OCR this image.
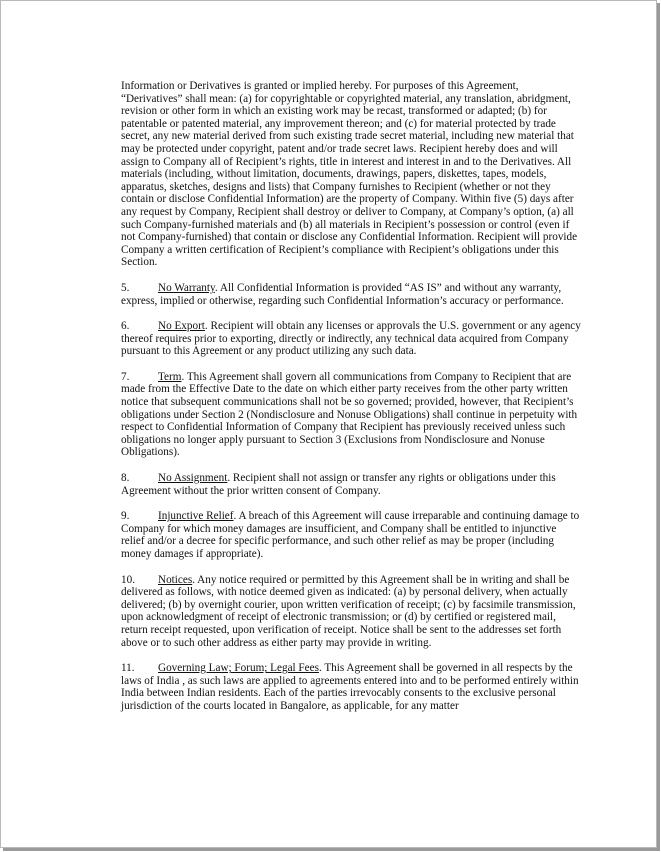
Information or Derivatives is granted or implied hereby. For purposes of this Agreement, “Derivatives” shall mean: (a) for copyrightable or copyrighted material, any translation, abridgment, revision or other form in which an existing work may be recast, transformed or adapted; (b) for patentable or patented material, any improvement thereon; and (c) for material protected by trade secret, any new material derived from such existing trade secret material, including new material that may be protected under copyright, patent and/or trade secret laws. Recipient hereby does and will assign to Company all of Recipient’s rights, title in interest and interest in and to the Derivatives. All materials (including, without limitation, documents, drawings, papers, diskettes, tapes, models, apparatus, sketches, designs and lists) that Company furnishes to Recipient (whether or not they contain or disclose Confidential Information) are the property of Company. Within five (5) days after any request by Company, Recipient shall destroy or deliver to Company, at Company’s option, (a) all such Company-furnished materials and (b) all materials in Recipient’s possession or control (even if not Company-furnished) that contain or disclose any Confidential Information. Recipient will provide Company a written certification of Recipient’s compliance with Recipient’s obligations under this Section.

5.	No Warranty. All Confidential Information is provided “AS IS” and without any warranty, express, implied or otherwise, regarding such Confidential Information’s accuracy or performance.

6.	No Export. Recipient will obtain any licenses or approvals the U.S. government or any agency thereof requires prior to exporting, directly or indirectly, any technical data acquired from Company pursuant to this Agreement or any product utilizing any such data.

7.	Term. This Agreement shall govern all communications from Company to Recipient that are made from the Effective Date to the date on which either party receives from the other party written notice that subsequent communications shall not be so governed; provided, however, that Recipient’s obligations under Section 2 (Nondisclosure and Nonuse Obligations) shall continue in perpetuity with respect to Confidential Information of Company that Recipient has previously received unless such obligations no longer apply pursuant to Section 3 (Exclusions from Nondisclosure and Nonuse Obligations).

8.	No Assignment. Recipient shall not assign or transfer any rights or obligations under this Agreement without the prior written consent of Company.

9.	Injunctive Relief. A breach of this Agreement will cause irreparable and continuing damage to Company for which money damages are insufficient, and Company shall be entitled to injunctive relief and/or a decree for specific performance, and such other relief as may be proper (including money damages if appropriate).

10. Notices. Any notice required or permitted by this Agreement shall be in writing and shall be delivered as follows, with notice deemed given as indicated: (a) by personal delivery, when actually delivered; (b) by overnight courier, upon written verification of receipt; (c) by facsimile transmission, upon acknowledgment of receipt of electronic transmission; or (d) by certified or registered mail, return receipt requested, upon verification of receipt. Notice shall be sent to the addresses set forth above or to such other address as either party may provide in writing.

11. Governing Law; Forum; Legal Fees. This Agreement shall be governed in all respects by the laws of India , as such laws are applied to agreements entered into and to be performed entirely within India between Indian residents. Each of the parties irrevocably consents to the exclusive personal jurisdiction of the courts located in Bangalore, as applicable, for any matter
